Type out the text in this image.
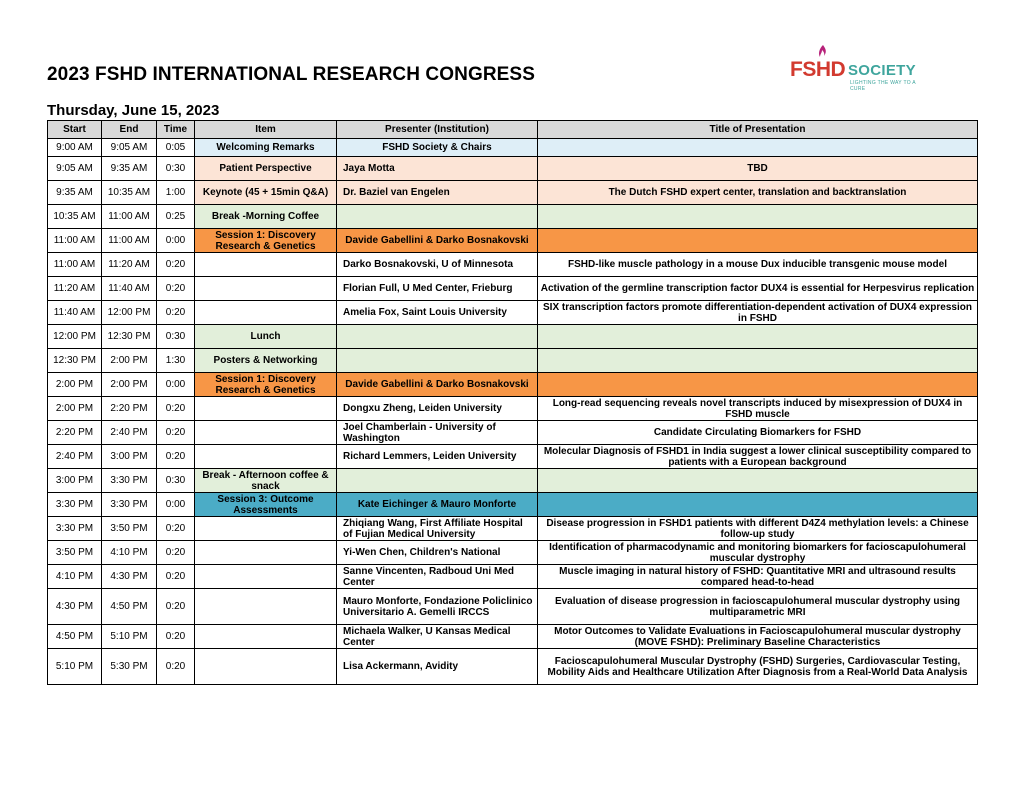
2023 FSHD INTERNATIONAL RESEARCH CONGRESS	FSHD SOCIETY
LIGHTING THE WAY TO A CURE
Thursday, June 15, 2023
Start	End	Time	Item	Presenter (Institution)	Title of Presentation
9:00 AM	9:05 AM	0:05	Welcoming Remarks	FSHD Society & Chairs	
9:05 AM	9:35 AM	0:30	Patient Perspective	Jaya Motta	TBD
9:35 AM	10:35 AM	1:00	Keynote (45 + 15min Q&A)	Dr. Baziel van Engelen	The Dutch FSHD expert center, translation and backtranslation
10:35 AM	11:00 AM	0:25	Break -Morning Coffee		
11:00 AM	11:00 AM	0:00	Session 1: Discovery Research & Genetics	Davide Gabellini & Darko Bosnakovski	
11:00 AM	11:20 AM	0:20		Darko Bosnakovski, U of Minnesota	FSHD-like muscle pathology in a mouse Dux inducible transgenic mouse model
11:20 AM	11:40 AM	0:20		Florian Full, U Med Center, Frieburg	Activation of the germline transcription factor DUX4 is essential for Herpesvirus replication
11:40 AM	12:00 PM	0:20		Amelia Fox, Saint Louis University	SIX transcription factors promote differentiation-dependent activation of DUX4 expression in FSHD
12:00 PM	12:30 PM	0:30	Lunch		
12:30 PM	2:00 PM	1:30	Posters & Networking		
2:00 PM	2:00 PM	0:00	Session 1: Discovery Research & Genetics	Davide Gabellini & Darko Bosnakovski	
2:00 PM	2:20 PM	0:20		Dongxu Zheng, Leiden University	Long-read sequencing reveals novel transcripts induced by misexpression of DUX4 in FSHD muscle
2:20 PM	2:40 PM	0:20		Joel Chamberlain - University of Washington	Candidate Circulating Biomarkers for FSHD
2:40 PM	3:00 PM	0:20		Richard Lemmers, Leiden University	Molecular Diagnosis of FSHD1 in India suggest a lower clinical susceptibility compared to patients with a European background
3:00 PM	3:30 PM	0:30	Break - Afternoon coffee & snack		
3:30 PM	3:30 PM	0:00	Session 3: Outcome Assessments	Kate Eichinger & Mauro Monforte	
3:30 PM	3:50 PM	0:20		Zhiqiang Wang, First Affiliate Hospital of Fujian Medical University	Disease progression in FSHD1 patients with different D4Z4 methylation levels: a Chinese follow-up study
3:50 PM	4:10 PM	0:20		Yi-Wen Chen, Children's National	Identification of pharmacodynamic and monitoring biomarkers for facioscapulohumeral muscular dystrophy
4:10 PM	4:30 PM	0:20		Sanne Vincenten, Radboud Uni Med Center	Muscle imaging in natural history of FSHD: Quantitative MRI and ultrasound results compared head-to-head
4:30 PM	4:50 PM	0:20		Mauro Monforte, Fondazione Policlinico Universitario A. Gemelli IRCCS	Evaluation of disease progression in facioscapulohumeral muscular dystrophy using multiparametric MRI
4:50 PM	5:10 PM	0:20		Michaela Walker, U Kansas Medical Center	Motor Outcomes to Validate Evaluations in Facioscapulohumeral muscular dystrophy (MOVE FSHD): Preliminary Baseline Characteristics
5:10 PM	5:30 PM	0:20		Lisa Ackermann, Avidity	Facioscapulohumeral Muscular Dystrophy (FSHD) Surgeries, Cardiovascular Testing, Mobility Aids and Healthcare Utilization After Diagnosis from a Real-World Data Analysis
